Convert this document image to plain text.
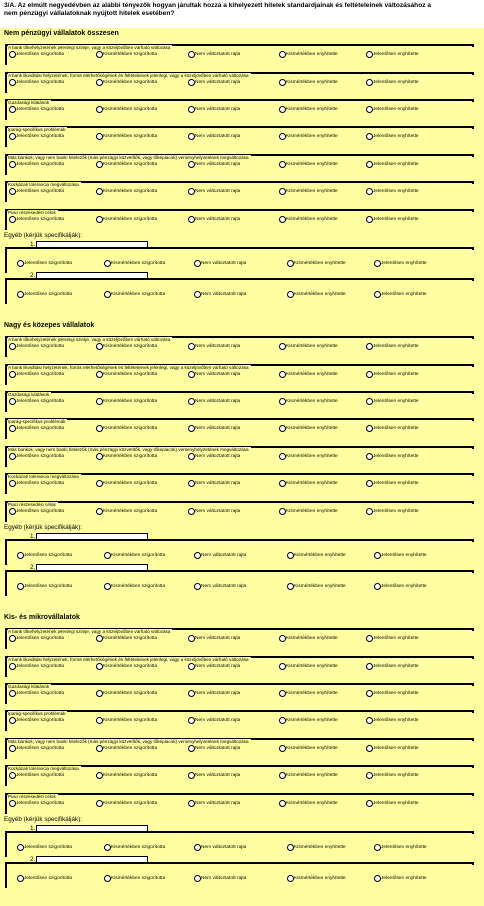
3/A. Az elmúlt negyedévben az alábbi tényezők hogyan járultak hozzá a kihelyezett hitelek standardjainak és feltételeinek változásához a
nem pénzügyi vállalatoknak nyújtott hitelek esetében?
Nem pénzügyi vállalatok összesen
A bank tőkehelyzetének jelenlegi szintje, vagy a közeljövőben várható változása
Jelentősen szigorította	Kismértékben szigorította	Nem változtatott rajta	Kismértékben enyhítette	Jelentősen enyhítette
A bank likviditási helyzetének, forrás elérhetőségének és feltételeinek jelenlegi, vagy a közeljövőben várható változása
Jelentősen szigorította	Kismértékben szigorította	Nem változtatott rajta	Kismértékben enyhítette	Jelentősen enyhítette
Gazdasági kilátások
Jelentősen szigorította	Kismértékben szigorította	Nem változtatott rajta	Kismértékben enyhítette	Jelentősen enyhítette
Iparág-specifikus problémák
Jelentősen szigorította	Kismértékben szigorította	Nem változtatott rajta	Kismértékben enyhítette	Jelentősen enyhítette
Más bankok, vagy nem banki hitelezők (más pénzügyi közvetítők, vagy tőkepiacok) versenyhelyzetének megváltozása
Jelentősen szigorította	Kismértékben szigorította	Nem változtatott rajta	Kismértékben enyhítette	Jelentősen enyhítette
Kockázati tolerancia megváltozása
Jelentősen szigorította	Kismértékben szigorította	Nem változtatott rajta	Kismértékben enyhítette	Jelentősen enyhítette
Piaci részesedési célok
Jelentősen szigorította	Kismértékben szigorította	Nem változtatott rajta	Kismértékben enyhítette	Jelentősen enyhítette
Egyéb (kérjük specifikálják):
1.
Jelentősen szigorította	Kismértékben szigorította	Nem változtatott rajta	Kismértékben enyhítette	Jelentősen enyhítette
2.
Jelentősen szigorította	Kismértékben szigorította	Nem változtatott rajta	Kismértékben enyhítette	Jelentősen enyhítette
Nagy és közepes vállalatok
A bank tőkehelyzetének jelenlegi szintje, vagy a közeljövőben várható változása
Jelentősen szigorította	Kismértékben szigorította	Nem változtatott rajta	Kismértékben enyhítette	Jelentősen enyhítette
A bank likviditási helyzetének, forrás elérhetőségének és feltételeinek jelenlegi, vagy a közeljövőben várható változása
Jelentősen szigorította	Kismértékben szigorította	Nem változtatott rajta	Kismértékben enyhítette	Jelentősen enyhítette
Gazdasági kilátások
Jelentősen szigorította	Kismértékben szigorította	Nem változtatott rajta	Kismértékben enyhítette	Jelentősen enyhítette
Iparág-specifikus problémák
Jelentősen szigorította	Kismértékben szigorította	Nem változtatott rajta	Kismértékben enyhítette	Jelentősen enyhítette
Más bankok, vagy nem banki hitelezők (más pénzügyi közvetítők, vagy tőkepiacok) versenyhelyzetének megváltozása
Jelentősen szigorította	Kismértékben szigorította	Nem változtatott rajta	Kismértékben enyhítette	Jelentősen enyhítette
Kockázati tolerancia megváltozása
Jelentősen szigorította	Kismértékben szigorította	Nem változtatott rajta	Kismértékben enyhítette	Jelentősen enyhítette
Piaci részesedési célok
Jelentősen szigorította	Kismértékben szigorította	Nem változtatott rajta	Kismértékben enyhítette	Jelentősen enyhítette
Egyéb (kérjük specifikálják):
1.
Jelentősen szigorította	Kismértékben szigorította	Nem változtatott rajta	Kismértékben enyhítette	Jelentősen enyhítette
2.
Jelentősen szigorította	Kismértékben szigorította	Nem változtatott rajta	Kismértékben enyhítette	Jelentősen enyhítette
Kis- és mikrovállalatok
A bank tőkehelyzetének jelenlegi szintje, vagy a közeljövőben várható változása
Jelentősen szigorította	Kismértékben szigorította	Nem változtatott rajta	Kismértékben enyhítette	Jelentősen enyhítette
A bank likviditási helyzetének, forrás elérhetőségének és feltételeinek jelenlegi, vagy a közeljövőben várható változása
Jelentősen szigorította	Kismértékben szigorította	Nem változtatott rajta	Kismértékben enyhítette	Jelentősen enyhítette
Gazdasági kilátások
Jelentősen szigorította	Kismértékben szigorította	Nem változtatott rajta	Kismértékben enyhítette	Jelentősen enyhítette
Iparág-specifikus problémák
Jelentősen szigorította	Kismértékben szigorította	Nem változtatott rajta	Kismértékben enyhítette	Jelentősen enyhítette
Más bankok, vagy nem banki hitelezők (más pénzügyi közvetítők, vagy tőkepiacok) versenyhelyzetének megváltozása
Jelentősen szigorította	Kismértékben szigorította	Nem változtatott rajta	Kismértékben enyhítette	Jelentősen enyhítette
Kockázati tolerancia megváltozása
Jelentősen szigorította	Kismértékben szigorította	Nem változtatott rajta	Kismértékben enyhítette	Jelentősen enyhítette
Piaci részesedési célok
Jelentősen szigorította	Kismértékben szigorította	Nem változtatott rajta	Kismértékben enyhítette	Jelentősen enyhítette
Egyéb (kérjük specifikálják):
1.
Jelentősen szigorította	Kismértékben szigorította	Nem változtatott rajta	Kismértékben enyhítette	Jelentősen enyhítette
2.
Jelentősen szigorította	Kismértékben szigorította	Nem változtatott rajta	Kismértékben enyhítette	Jelentősen enyhítette
